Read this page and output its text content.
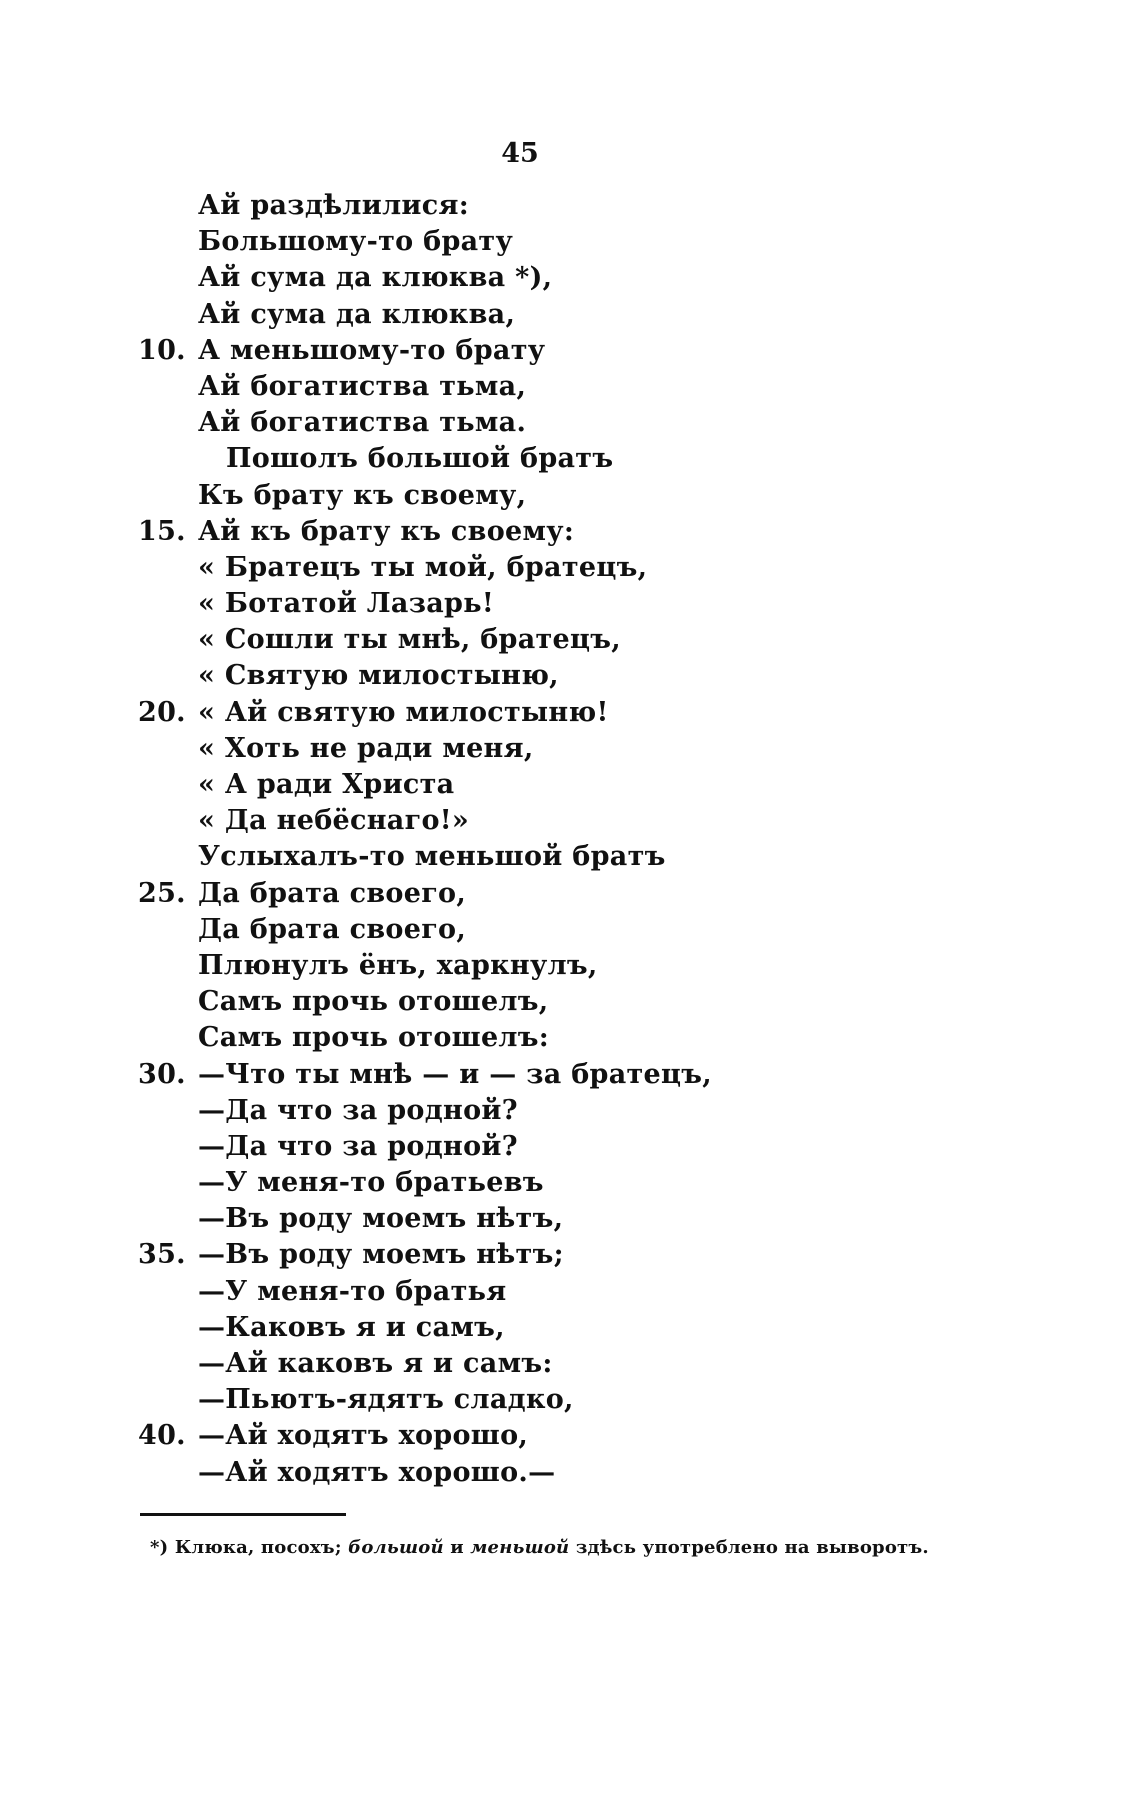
45
Ай раздѣлилися:
Большому-то брату
Ай сума да клюква *),
Ай сума да клюква,
10. А меньшому-то брату
Ай богатиства тьма,
Ай богатиства тьма.
Пошолъ большой братъ
Къ брату къ своему,
15. Ай къ брату къ своему:
« Братецъ ты мой, братецъ,
« Ботатой Лазарь!
« Сошли ты мнѣ, братецъ,
« Святую милостыню,
20. « Ай святую милостыню!
« Хоть не ради меня,
« А ради Христа
« Да небёснаго!»
Услыхалъ-то меньшой братъ
25. Да брата своего,
Да брата своего,
Плюнулъ ёнъ, харкнулъ,
Самъ прочь отошелъ,
Самъ прочь отошелъ:
30. —Что ты мнѣ — и — за братецъ,
—Да что за родной?
—Да что за родной?
—У меня-то братьевъ
—Въ роду моемъ нѣтъ,
35. —Въ роду моемъ нѣтъ;
—У меня-то братья
—Каковъ я и самъ,
—Ай каковъ я и самъ:
—Пьютъ-ядятъ сладко,
40. —Ай ходятъ хорошо,
—Ай ходятъ хорошо.—
*) Клюка, посохъ; большой и меньшой здѣсь употреблено на выворотъ.
